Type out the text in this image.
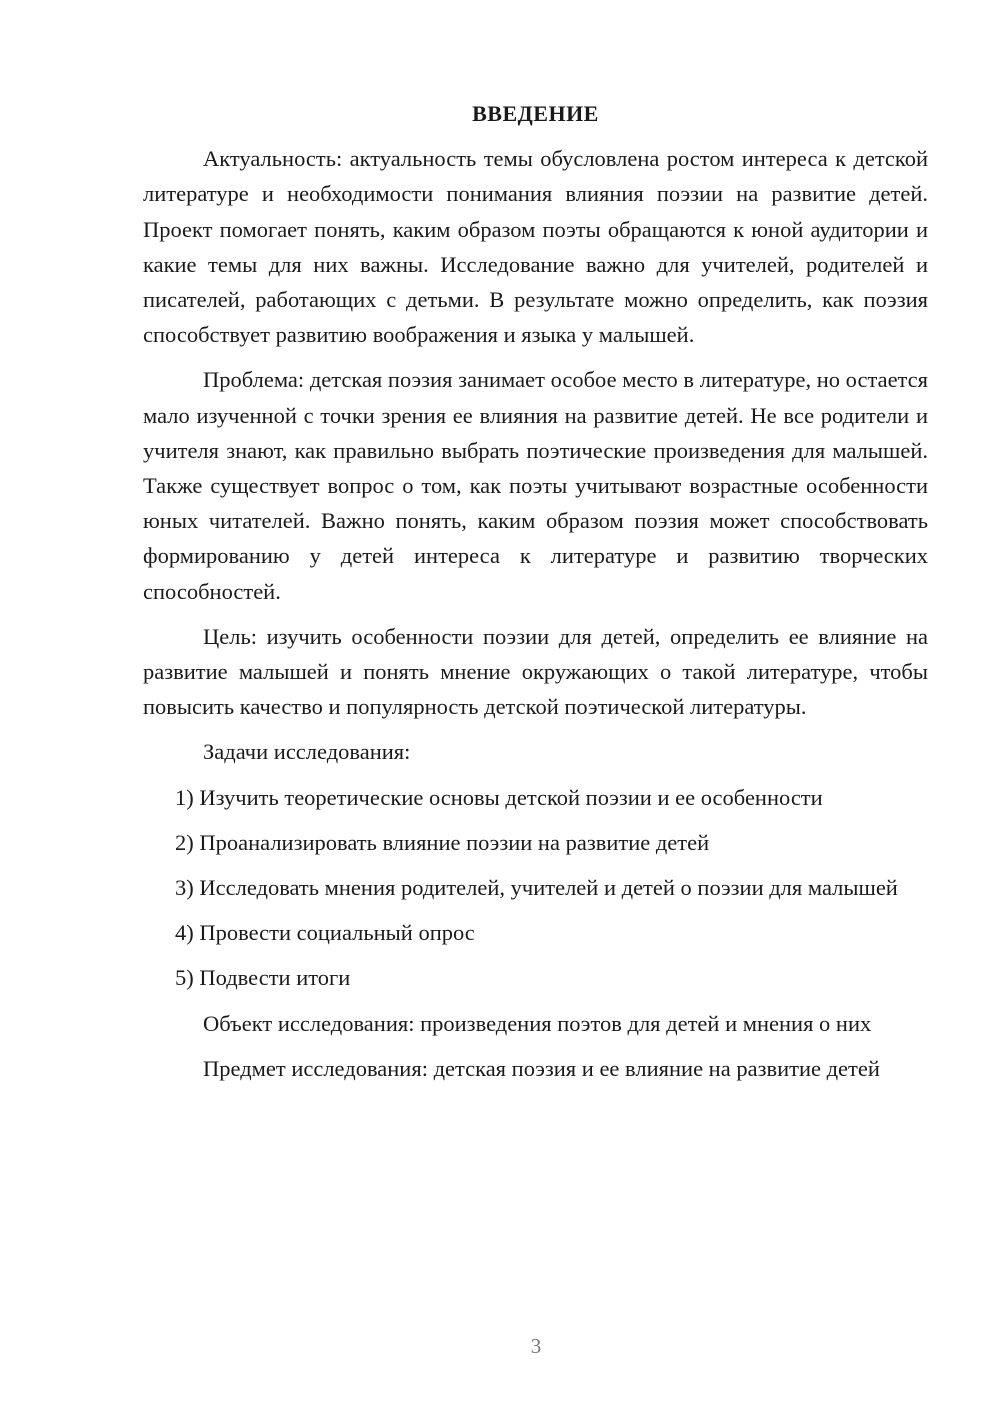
ВВЕДЕНИЕ

Актуальность: актуальность темы обусловлена ростом интереса к детской литературе и необходимости понимания влияния поэзии на развитие детей. Проект помогает понять, каким образом поэты обращаются к юной аудитории и какие темы для них важны. Исследование важно для учителей, родителей и писателей, работающих с детьми. В результате можно определить, как поэзия способствует развитию воображения и языка у малышей.

Проблема: детская поэзия занимает особое место в литературе, но остается мало изученной с точки зрения ее влияния на развитие детей. Не все родители и учителя знают, как правильно выбрать поэтические произведения для малышей. Также существует вопрос о том, как поэты учитывают возрастные особенности юных читателей. Важно понять, каким образом поэзия может способствовать формированию у детей интереса к литературе и развитию творческих способностей.

Цель: изучить особенности поэзии для детей, определить ее влияние на развитие малышей и понять мнение окружающих о такой литературе, чтобы повысить качество и популярность детской поэтической литературы.

Задачи исследования:

1) Изучить теоретические основы детской поэзии и ее особенности

2) Проанализировать влияние поэзии на развитие детей

3) Исследовать мнения родителей, учителей и детей о поэзии для малышей

4) Провести социальный опрос

5) Подвести итоги

Объект исследования: произведения поэтов для детей и мнения о них

Предмет исследования: детская поэзия и ее влияние на развитие детей

3
